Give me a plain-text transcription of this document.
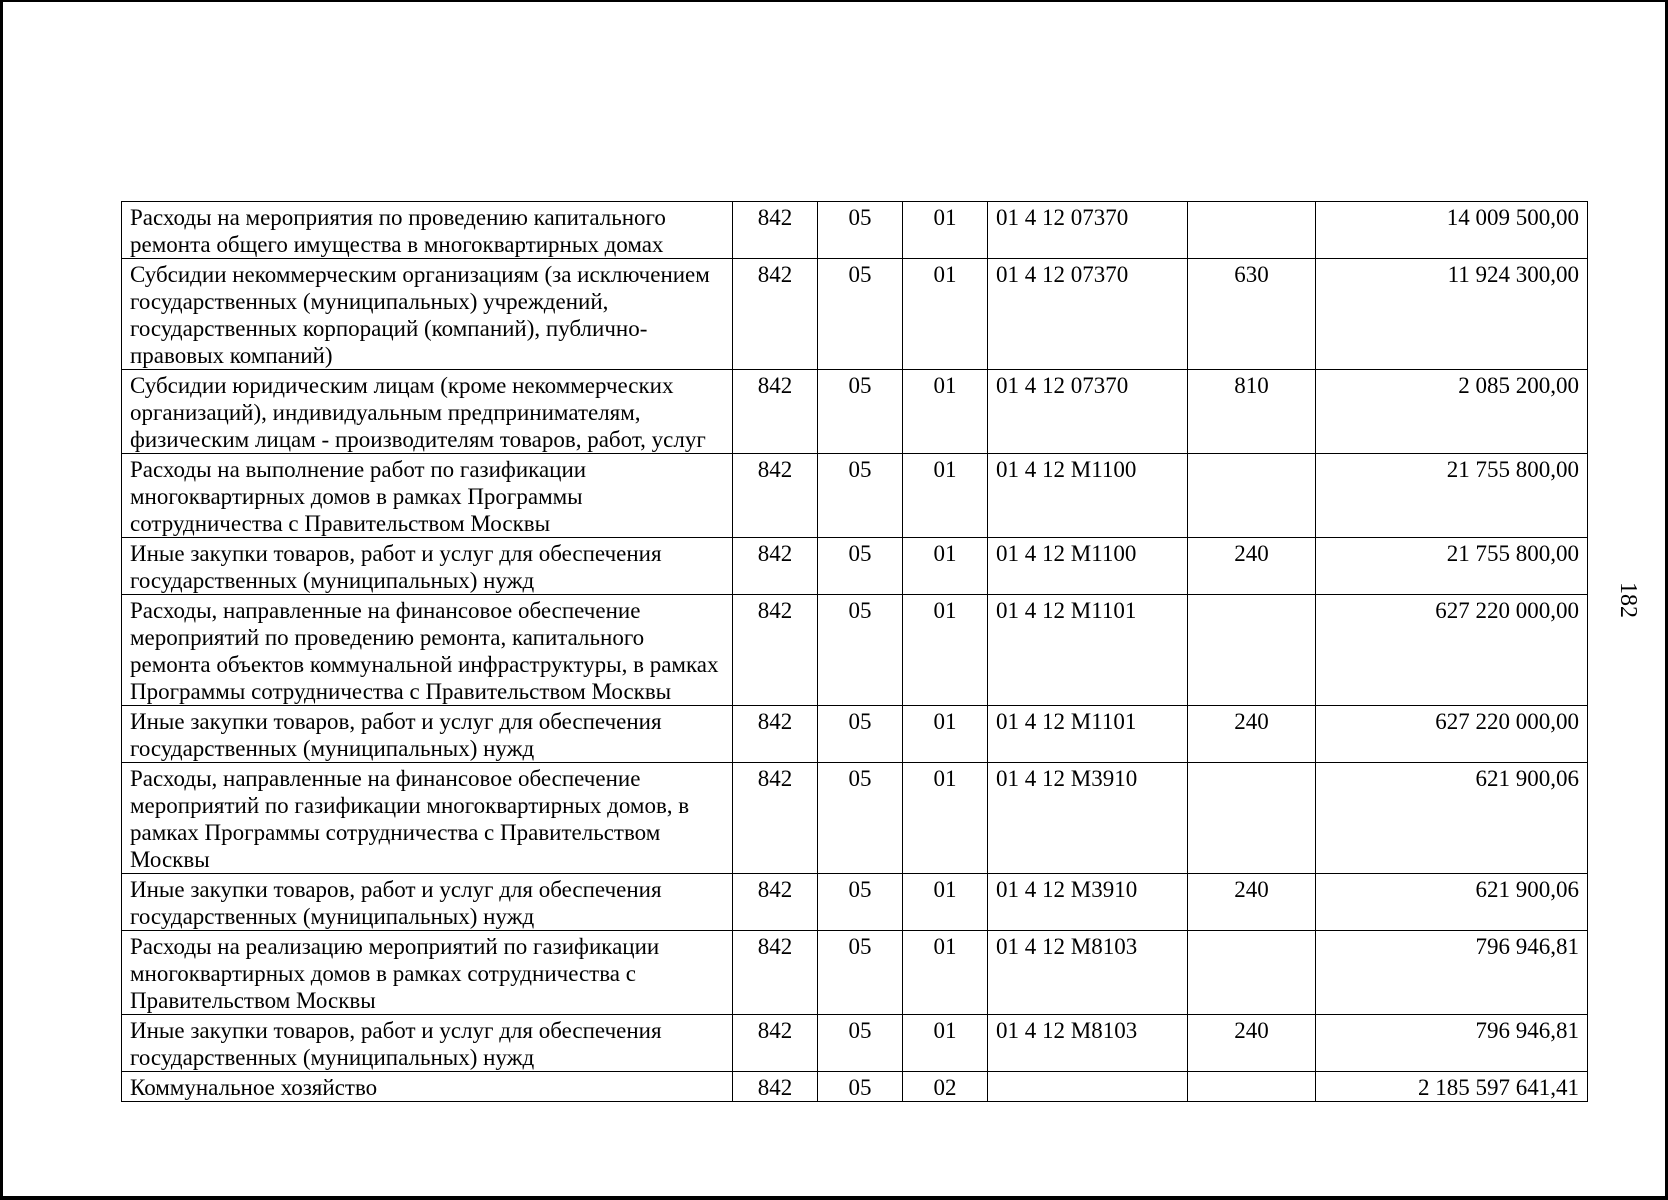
182
Расходы на мероприятия по проведению капитального ремонта общего имущества в многоквартирных домах	842	05	01	01 4 12 07370		14 009 500,00
Субсидии некоммерческим организациям (за исключением государственных (муниципальных) учреждений, государственных корпораций (компаний), публично-правовых компаний)	842	05	01	01 4 12 07370	630	11 924 300,00
Субсидии юридическим лицам (кроме некоммерческих организаций), индивидуальным предпринимателям, физическим лицам - производителям товаров, работ, услуг	842	05	01	01 4 12 07370	810	2 085 200,00
Расходы на выполнение работ по газификации многоквартирных домов в рамках Программы сотрудничества с Правительством Москвы	842	05	01	01 4 12 М1100		21 755 800,00
Иные закупки товаров, работ и услуг для обеспечения государственных (муниципальных) нужд	842	05	01	01 4 12 М1100	240	21 755 800,00
Расходы, направленные на финансовое обеспечение мероприятий по проведению ремонта, капитального ремонта объектов коммунальной инфраструктуры, в рамках Программы сотрудничества с Правительством Москвы	842	05	01	01 4 12 М1101		627 220 000,00
Иные закупки товаров, работ и услуг для обеспечения государственных (муниципальных) нужд	842	05	01	01 4 12 М1101	240	627 220 000,00
Расходы, направленные на финансовое обеспечение мероприятий по газификации многоквартирных домов, в рамках Программы сотрудничества с Правительством Москвы	842	05	01	01 4 12 М3910		621 900,06
Иные закупки товаров, работ и услуг для обеспечения государственных (муниципальных) нужд	842	05	01	01 4 12 М3910	240	621 900,06
Расходы на реализацию мероприятий по газификации многоквартирных домов в рамках сотрудничества с Правительством Москвы	842	05	01	01 4 12 М8103		796 946,81
Иные закупки товаров, работ и услуг для обеспечения государственных (муниципальных) нужд	842	05	01	01 4 12 М8103	240	796 946,81
Коммунальное хозяйство	842	05	02			2 185 597 641,41
